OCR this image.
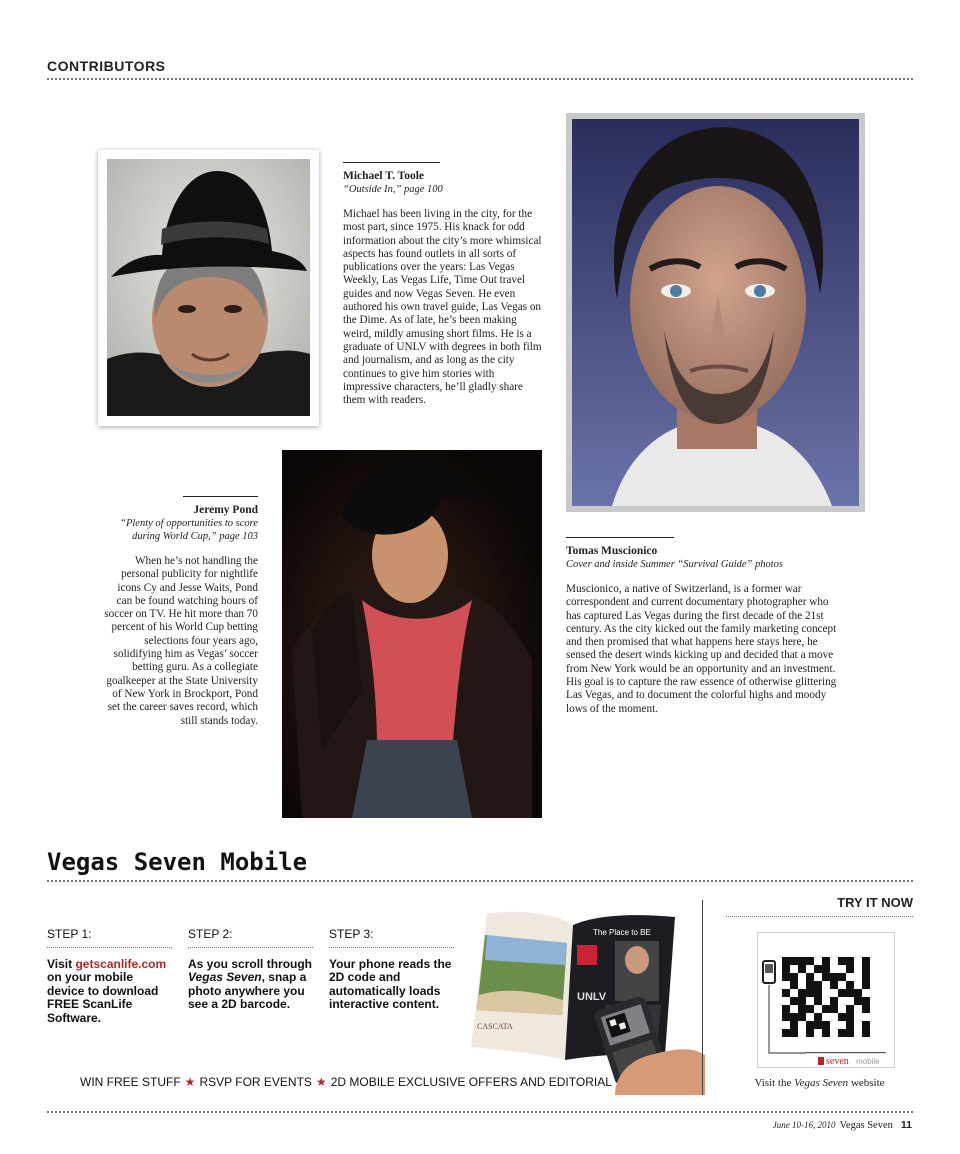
CONTRIBUTORS
Michael T. Toole
“Outside In,” page 100
Michael has been living in the city, for the most part, since 1975. His knack for odd information about the city’s more whimsical aspects has found outlets in all sorts of publications over the years: Las Vegas Weekly, Las Vegas Life, Time Out travel guides and now Vegas Seven. He even authored his own travel guide, Las Vegas on the Dime. As of late, he’s been making weird, mildly amusing short films. He is a graduate of UNLV with degrees in both film and journalism, and as long as the city continues to give him stories with impressive characters, he’ll gladly share them with readers.
Jeremy Pond
“Plenty of opportunities to score during World Cup,” page 103
When he’s not handling the personal publicity for nightlife icons Cy and Jesse Waits, Pond can be found watching hours of soccer on TV. He hit more than 70 percent of his World Cup betting selections four years ago, solidifying him as Vegas’ soccer betting guru. As a collegiate goalkeeper at the State University of New York in Brockport, Pond set the career saves record, which still stands today.
Tomas Muscionico
Cover and inside Summer “Survival Guide” photos
Muscionico, a native of Switzerland, is a former war correspondent and current documentary photographer who has captured Las Vegas during the first decade of the 21st century. As the city kicked out the family marketing concept and then promised that what happens here stays here, he sensed the desert winds kicking up and decided that a move from New York would be an opportunity and an investment. His goal is to capture the raw essence of otherwise glittering Las Vegas, and to document the colorful highs and moody lows of the moment.
Vegas Seven Mobile
STEP 1:
Visit getscanlife.com on your mobile device to download FREE ScanLife Software.
STEP 2:
As you scroll through Vegas Seven, snap a photo anywhere you see a 2D barcode.
STEP 3:
Your phone reads the 2D code and automatically loads interactive content.
CASCATA
The Place to BE
UNLV
WIN FREE STUFF ★ RSVP FOR EVENTS ★ 2D MOBILE EXCLUSIVE OFFERS AND EDITORIAL
TRY IT NOW
seven mobile
Visit the Vegas Seven website
June 10-16, 2010 Vegas Seven 11
